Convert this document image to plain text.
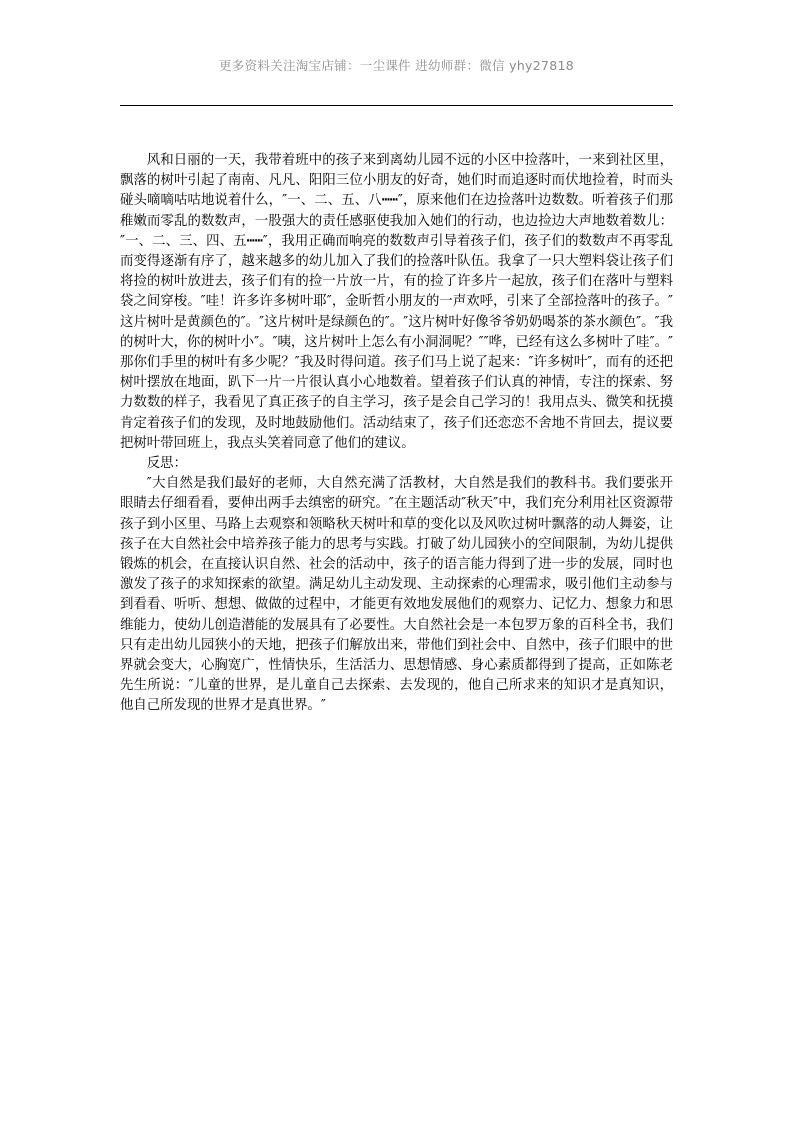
更多资料关注淘宝店铺：一尘课件 进幼师群：微信 yhy27818

风和日丽的一天，我带着班中的孩子来到离幼儿园不远的小区中捡落叶，一来到社区里，飘落的树叶引起了南南、凡凡、阳阳三位小朋友的好奇，她们时而追逐时而伏地捡着，时而头碰头嘀嘀咕咕地说着什么，″一、二、五、八┅┅″，原来他们在边捡落叶边数数。听着孩子们那稚嫩而零乱的数数声，一股强大的责任感驱使我加入她们的行动，也边捡边大声地数着数儿：″一、二、三、四、五┅┅″，我用正确而响亮的数数声引导着孩子们，孩子们的数数声不再零乱而变得逐渐有序了，越来越多的幼儿加入了我们的捡落叶队伍。我拿了一只大塑料袋让孩子们将捡的树叶放进去，孩子们有的捡一片放一片，有的捡了许多片一起放，孩子们在落叶与塑料袋之间穿梭。″哇！许多许多树叶耶″，金昕哲小朋友的一声欢呼，引来了全部捡落叶的孩子。″这片树叶是黄颜色的″。″这片树叶是绿颜色的″。″这片树叶好像爷爷奶奶喝茶的茶水颜色″。″我的树叶大，你的树叶小″。″咦，这片树叶上怎么有小洞洞呢？″″哗，已经有这么多树叶了哇″。″那你们手里的树叶有多少呢？″我及时得问道。孩子们马上说了起来：″许多树叶″，而有的还把树叶摆放在地面，趴下一片一片很认真小心地数着。望着孩子们认真的神情，专注的探索、努力数数的样子，我看见了真正孩子的自主学习，孩子是会自己学习的！我用点头、微笑和抚摸肯定着孩子们的发现，及时地鼓励他们。活动结束了，孩子们还恋恋不舍地不肯回去，提议要把树叶带回班上，我点头笑着同意了他们的建议。

反思：

″大自然是我们最好的老师，大自然充满了活教材，大自然是我们的教科书。我们要张开眼睛去仔细看看，要伸出两手去缜密的研究。″在主题活动″秋天″中，我们充分利用社区资源带孩子到小区里、马路上去观察和领略秋天树叶和草的变化以及风吹过树叶飘落的动人舞姿，让孩子在大自然社会中培养孩子能力的思考与实践。打破了幼儿园狭小的空间限制，为幼儿提供锻炼的机会，在直接认识自然、社会的活动中，孩子的语言能力得到了进一步的发展，同时也激发了孩子的求知探索的欲望。满足幼儿主动发现、主动探索的心理需求，吸引他们主动参与到看看、听听、想想、做做的过程中，才能更有效地发展他们的观察力、记忆力、想象力和思维能力，使幼儿创造潜能的发展具有了必要性。大自然社会是一本包罗万象的百科全书，我们只有走出幼儿园狭小的天地，把孩子们解放出来，带他们到社会中、自然中，孩子们眼中的世界就会变大，心胸宽广，性情快乐，生活活力、思想情感、身心素质都得到了提高，正如陈老先生所说：″儿童的世界，是儿童自己去探索、去发现的，他自己所求来的知识才是真知识，他自己所发现的世界才是真世界。″
